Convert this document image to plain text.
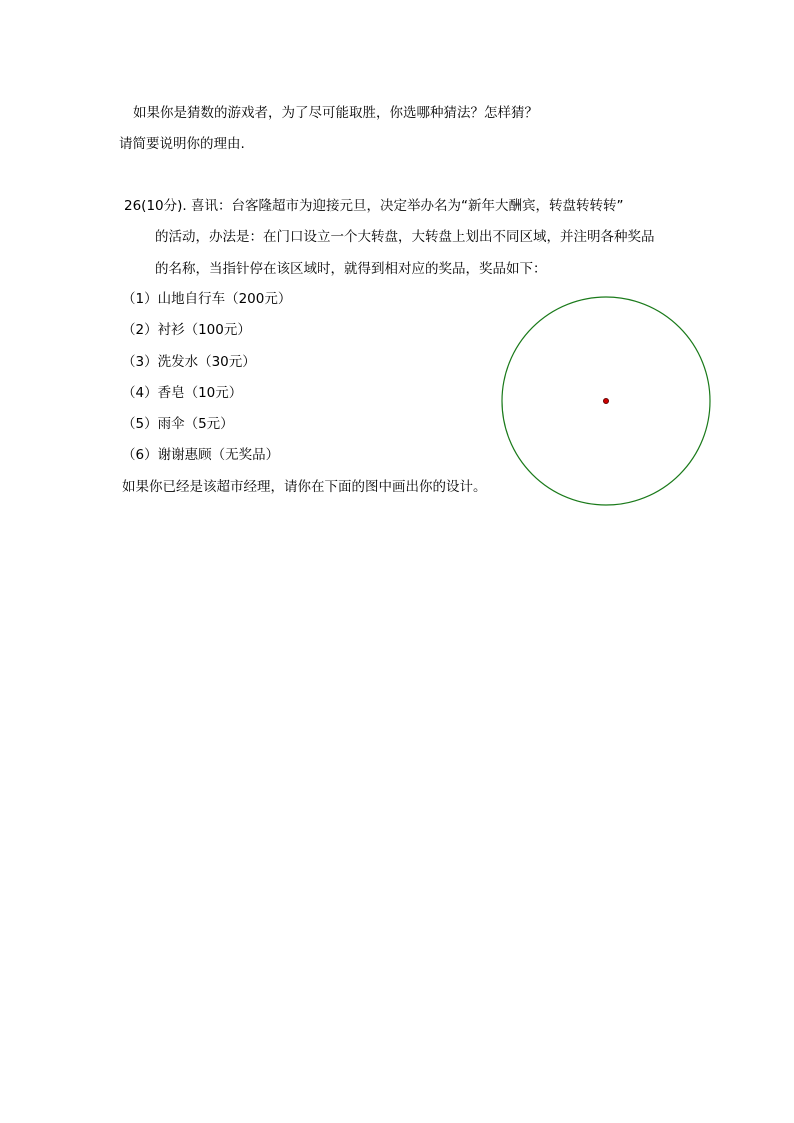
如果你是猜数的游戏者，为了尽可能取胜，你选哪种猜法？怎样猜？
请简要说明你的理由.
26(10分). 喜讯：台客隆超市为迎接元旦，决定举办名为“新年大酬宾，转盘转转转”
的活动，办法是：在门口设立一个大转盘，大转盘上划出不同区域，并注明各种奖品
的名称，当指针停在该区域时，就得到相对应的奖品，奖品如下：
（1）山地自行车（200元）
（2）衬衫（100元）
（3）洗发水（30元）
（4）香皂（10元）
（5）雨伞（5元）
（6）谢谢惠顾（无奖品）
如果你已经是该超市经理，请你在下面的图中画出你的设计。
